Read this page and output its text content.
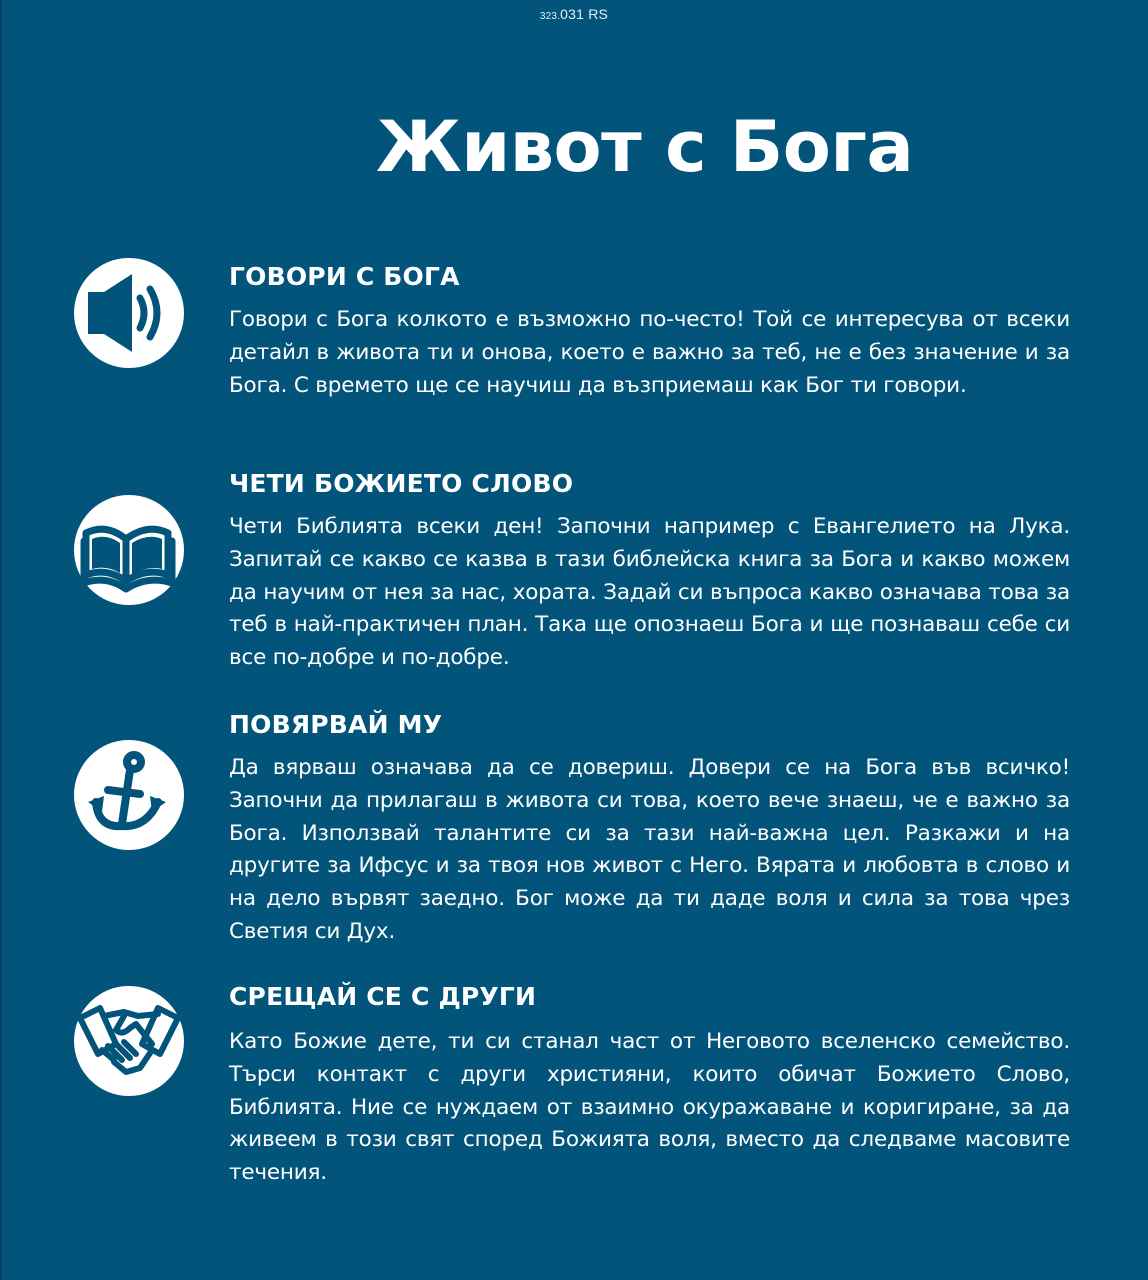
323.031 RS
Живот с Бога
ГОВОРИ С БОГА

Говори с Бога колкото е възможно по-често! Той се интересува от всеки детайл в живота ти и онова, което е важно за теб, не е без значение и за Бога. С времето ще се научиш да възприемаш как Бог ти говори.

ЧЕТИ БОЖИЕТО СЛОВО

Чети Библията всеки ден! Започни например с Евангелието на Лука. Запитай се какво се казва в тази библейска книга за Бога и какво можем да научим от нея за нас, хората. Задай си въпроса какво означава това за теб в най-практичен план. Така ще опознаеш Бога и ще познаваш себе си все по-добре и по-добре.

ПОВЯРВАЙ МУ

Да вярваш означава да се довериш. Довери се на Бога във всичко! Започни да прилагаш в живота си това, което вече знаеш, че е важно за Бога. Използвай талантите си за тази най-важна цел. Разкажи и на другите за Ифсус и за твоя нов живот с Него. Вярата и любовта в слово и на дело вървят заедно. Бог може да ти даде воля и сила за това чрез Светия си Дух.

СРЕЩАЙ СЕ С ДРУГИ

Като Божие дете, ти си станал част от Неговото вселенско семейство. Търси контакт с други християни, които обичат Божието Слово, Библията. Ние се нуждаем от взаимно окуражаване и коригиране, за да живеем в този свят според Божията воля, вместо да следваме масовите течения.
